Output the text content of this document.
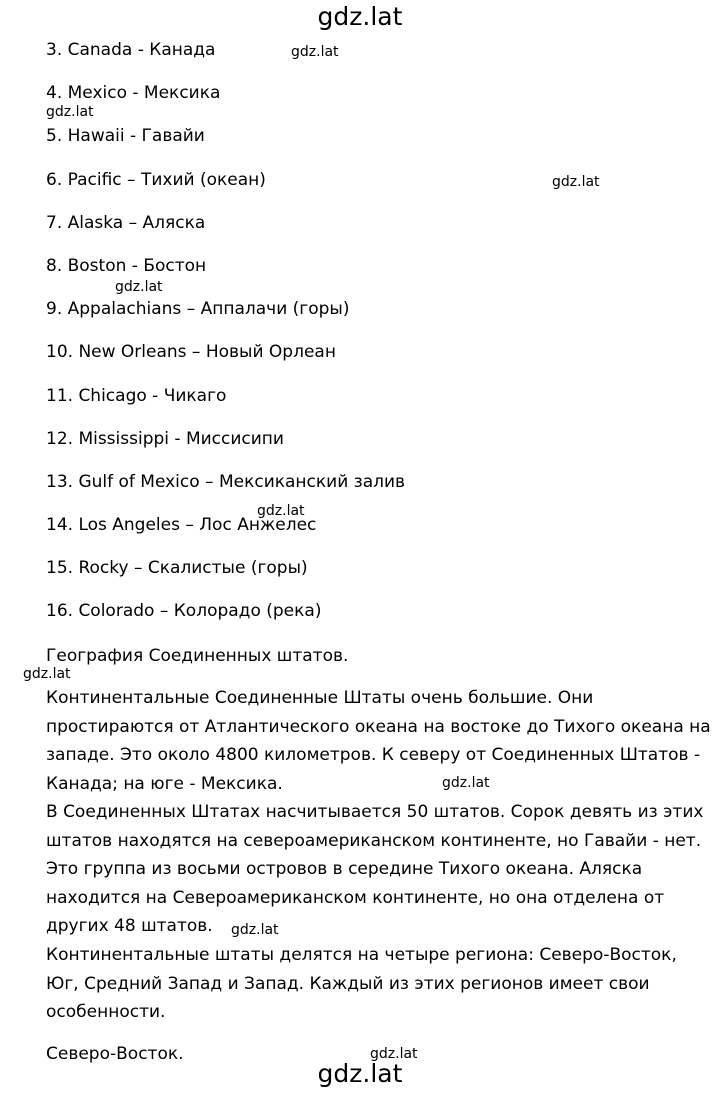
gdz.lat
3. Canada - Канада
4. Mexico - Мексика
5. Hawaii - Гавайи
6. Pacific – Тихий (океан)
7. Alaska – Аляска
8. Boston - Бостон
9. Appalachians – Аппалачи (горы)
10. New Orleans – Новый Орлеан
11. Chicago - Чикаго
12. Mississippi - Миссисипи
13. Gulf of Mexico – Мексиканский залив
14. Los Angeles – Лос Анжелес
15. Rocky – Скалистые (горы)
16. Colorado – Колорадо (река)
География Соединенных штатов.

Континентальные Соединенные Штаты очень большие. Они
простираются от Атлантического океана на востоке до Тихого океана на
западе. Это около 4800 километров. К северу от Соединенных Штатов -
Канада; на юге - Мексика.

В Соединенных Штатах насчитывается 50 штатов. Сорок девять из этих
штатов находятся на североамериканском континенте, но Гавайи - нет.
Это группа из восьми островов в середине Тихого океана. Аляска
находится на Североамериканском континенте, но она отделена от
других 48 штатов.

Континентальные штаты делятся на четыре региона: Северо-Восток,
Юг, Средний Запад и Запад. Каждый из этих регионов имеет свои
особенности.

Северо-Восток.
gdz.lat
gdz.lat
gdz.lat
gdz.lat
gdz.lat
gdz.lat
gdz.lat
gdz.lat
gdz.lat
gdz.lat
